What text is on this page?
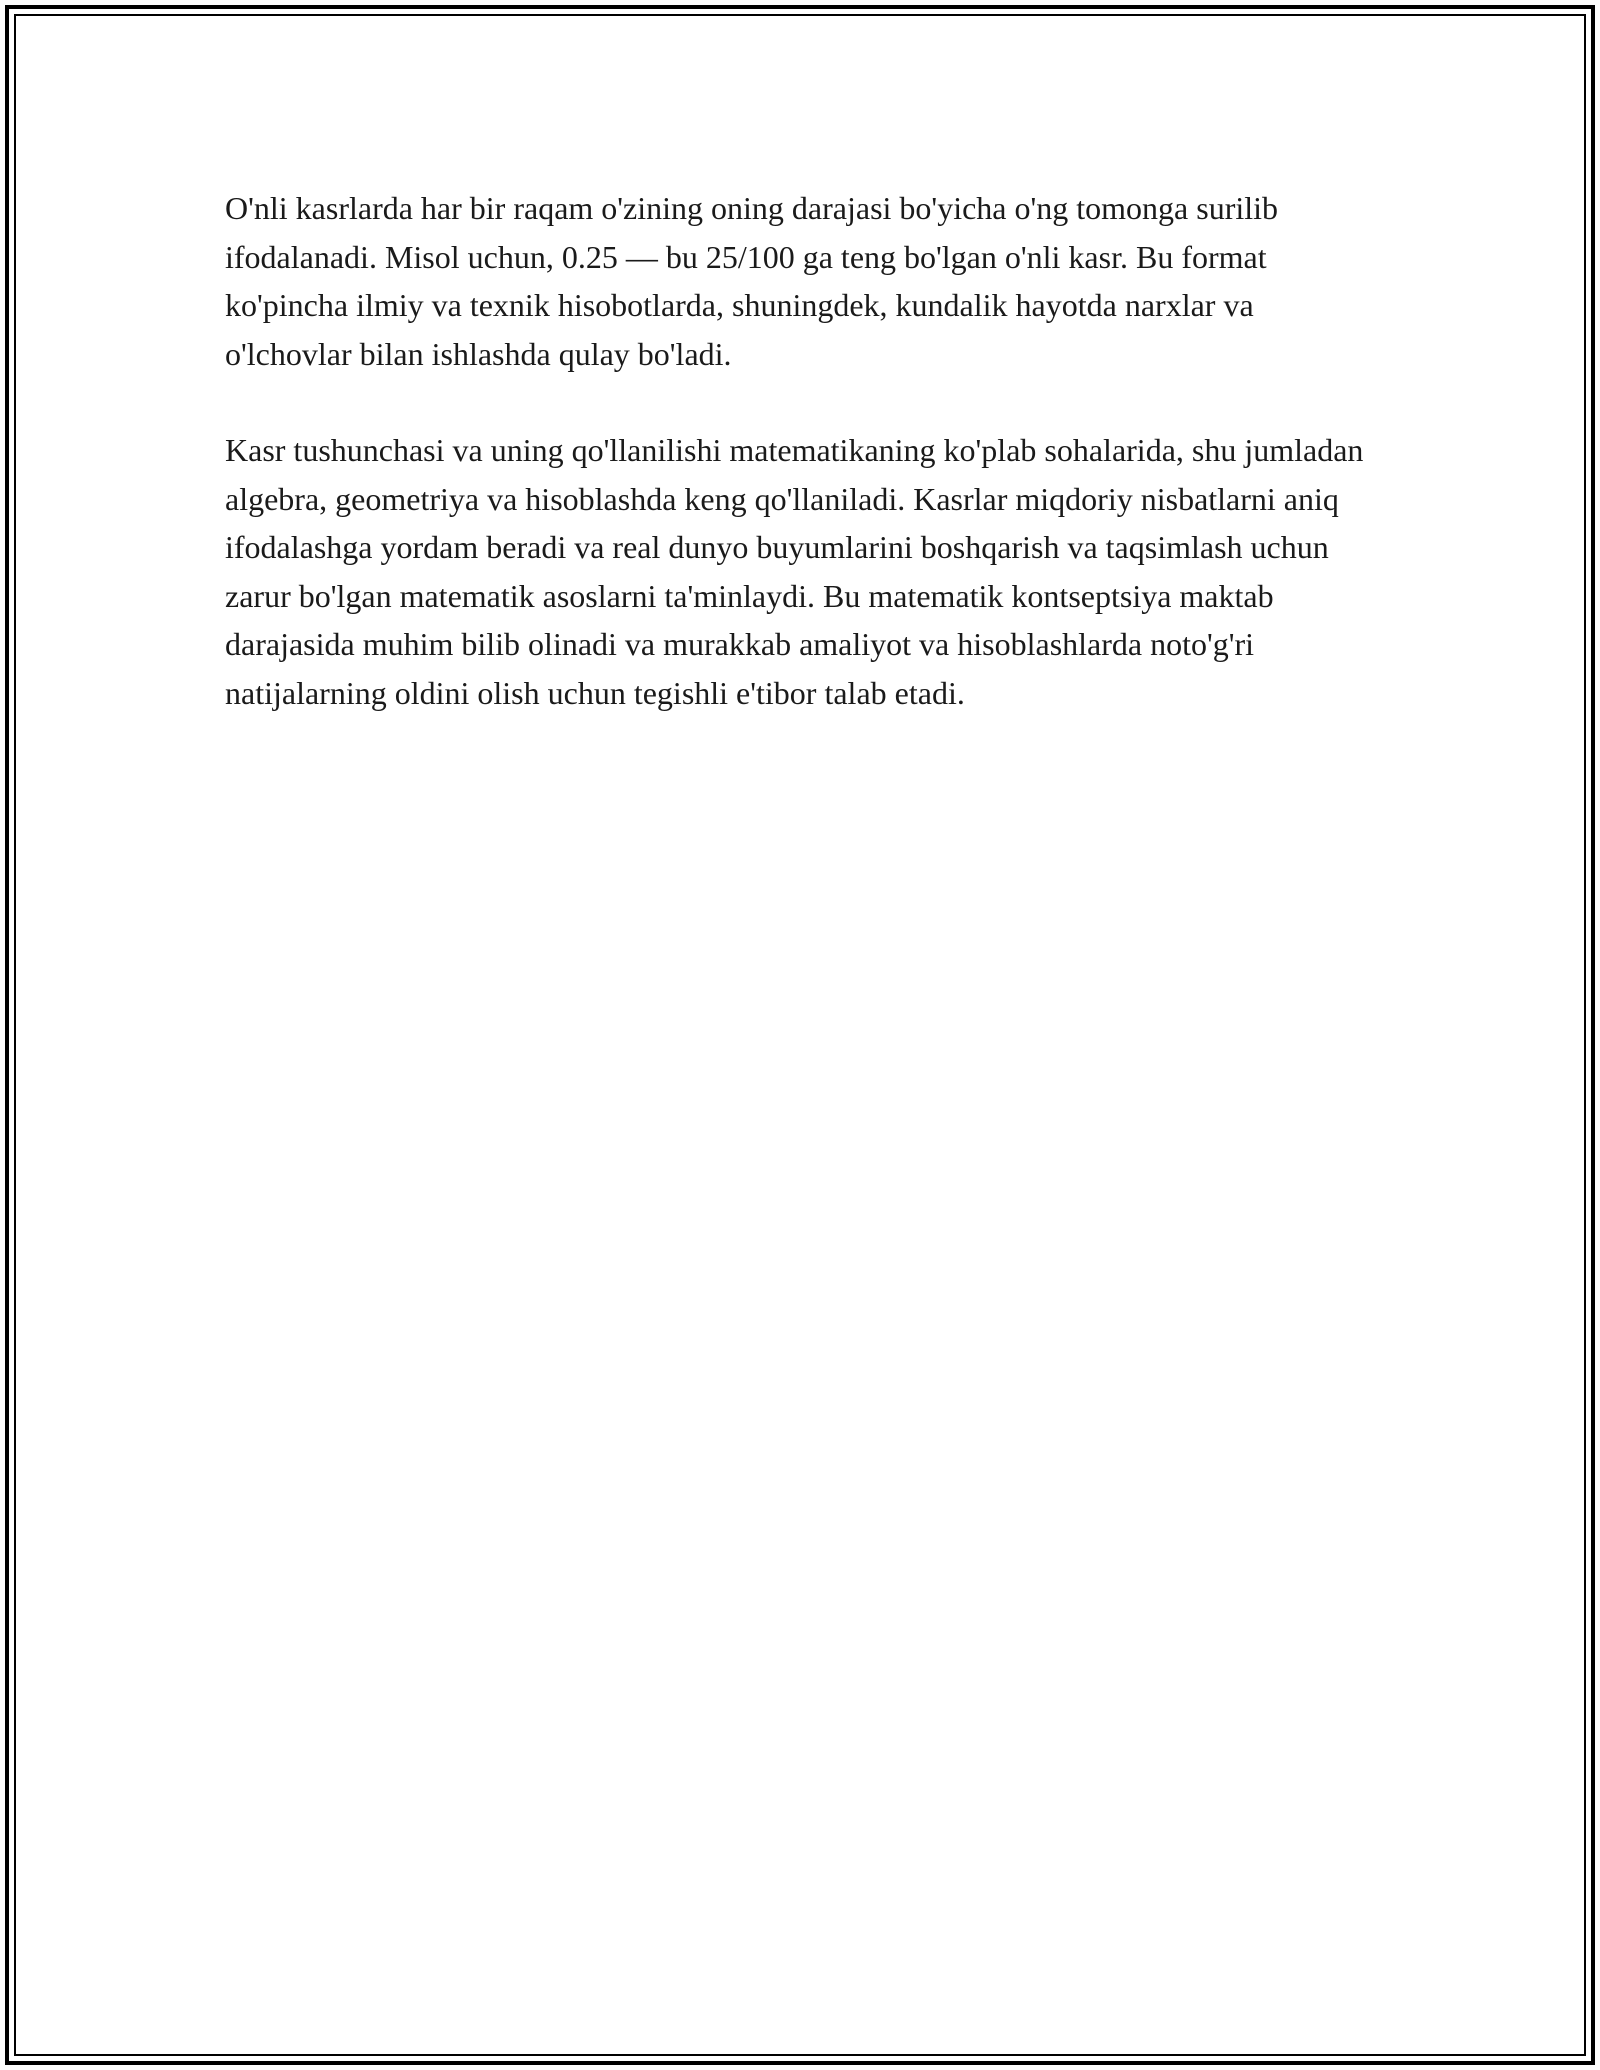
O'nli kasrlarda har bir raqam o'zining oning darajasi bo'yicha o'ng tomonga surilib ifodalanadi. Misol uchun, 0.25 — bu 25/100 ga teng bo'lgan o'nli kasr. Bu format ko'pincha ilmiy va texnik hisobotlarda, shuningdek, kundalik hayotda narxlar va o'lchovlar bilan ishlashda qulay bo'ladi.

Kasr tushunchasi va uning qo'llanilishi matematikaning ko'plab sohalarida, shu jumladan algebra, geometriya va hisoblashda keng qo'llaniladi. Kasrlar miqdoriy nisbatlarni aniq ifodalashga yordam beradi va real dunyo buyumlarini boshqarish va taqsimlash uchun zarur bo'lgan matematik asoslarni ta'minlaydi. Bu matematik kontseptsiya maktab darajasida muhim bilib olinadi va murakkab amaliyot va hisoblashlarda noto'g'ri natijalarning oldini olish uchun tegishli e'tibor talab etadi.
